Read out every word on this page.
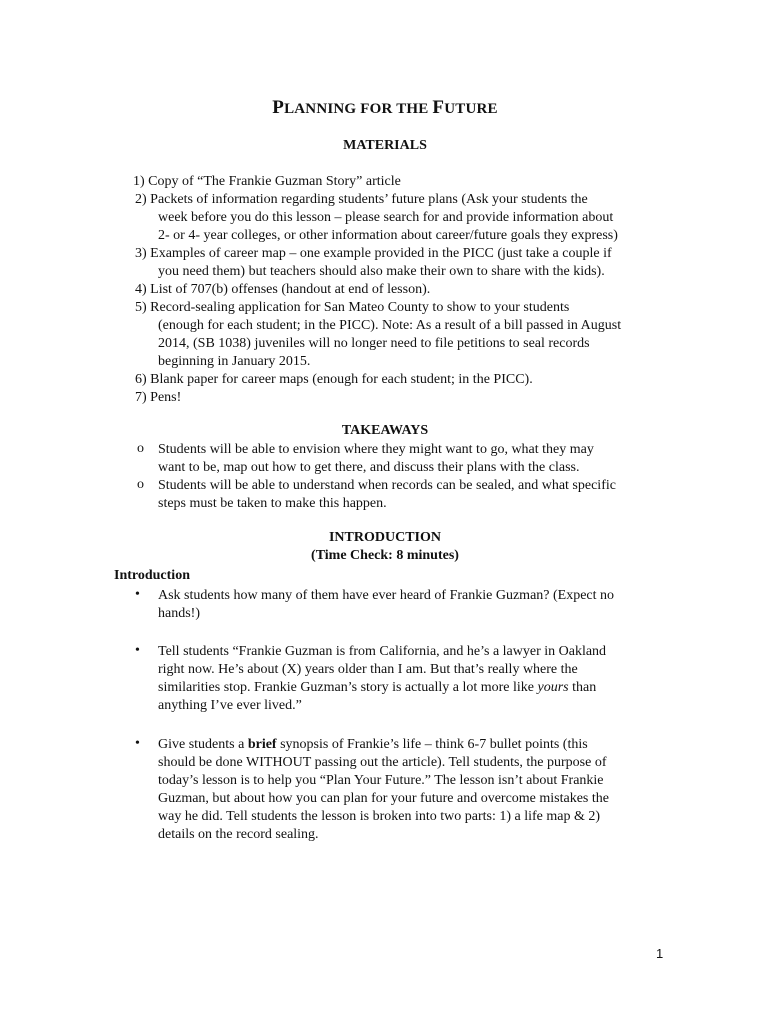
PLANNING FOR THE FUTURE
MATERIALS
1) Copy of “The Frankie Guzman Story” article
2) Packets of information regarding students’ future plans (Ask your students the
week before you do this lesson – please search for and provide information about
2- or 4- year colleges, or other information about career/future goals they express)
3) Examples of career map – one example provided in the PICC (just take a couple if
you need them) but teachers should also make their own to share with the kids).
4) List of 707(b) offenses (handout at end of lesson).
5) Record-sealing application for San Mateo County to show to your students
(enough for each student; in the PICC). Note: As a result of a bill passed in August
2014, (SB 1038) juveniles will no longer need to file petitions to seal records
beginning in January 2015.
6) Blank paper for career maps (enough for each student; in the PICC).
7) Pens!
TAKEAWAYS
o Students will be able to envision where they might want to go, what they may
want to be, map out how to get there, and discuss their plans with the class.
o Students will be able to understand when records can be sealed, and what specific
steps must be taken to make this happen.
INTRODUCTION
(Time Check: 8 minutes)
Introduction
• Ask students how many of them have ever heard of Frankie Guzman? (Expect no
hands!)
• Tell students “Frankie Guzman is from California, and he’s a lawyer in Oakland
right now. He’s about (X) years older than I am. But that’s really where the
similarities stop. Frankie Guzman’s story is actually a lot more like yours than
anything I’ve ever lived.”
• Give students a brief synopsis of Frankie’s life – think 6-7 bullet points (this
should be done WITHOUT passing out the article). Tell students, the purpose of
today’s lesson is to help you “Plan Your Future.” The lesson isn’t about Frankie
Guzman, but about how you can plan for your future and overcome mistakes the
way he did. Tell students the lesson is broken into two parts: 1) a life map & 2)
details on the record sealing.
1
